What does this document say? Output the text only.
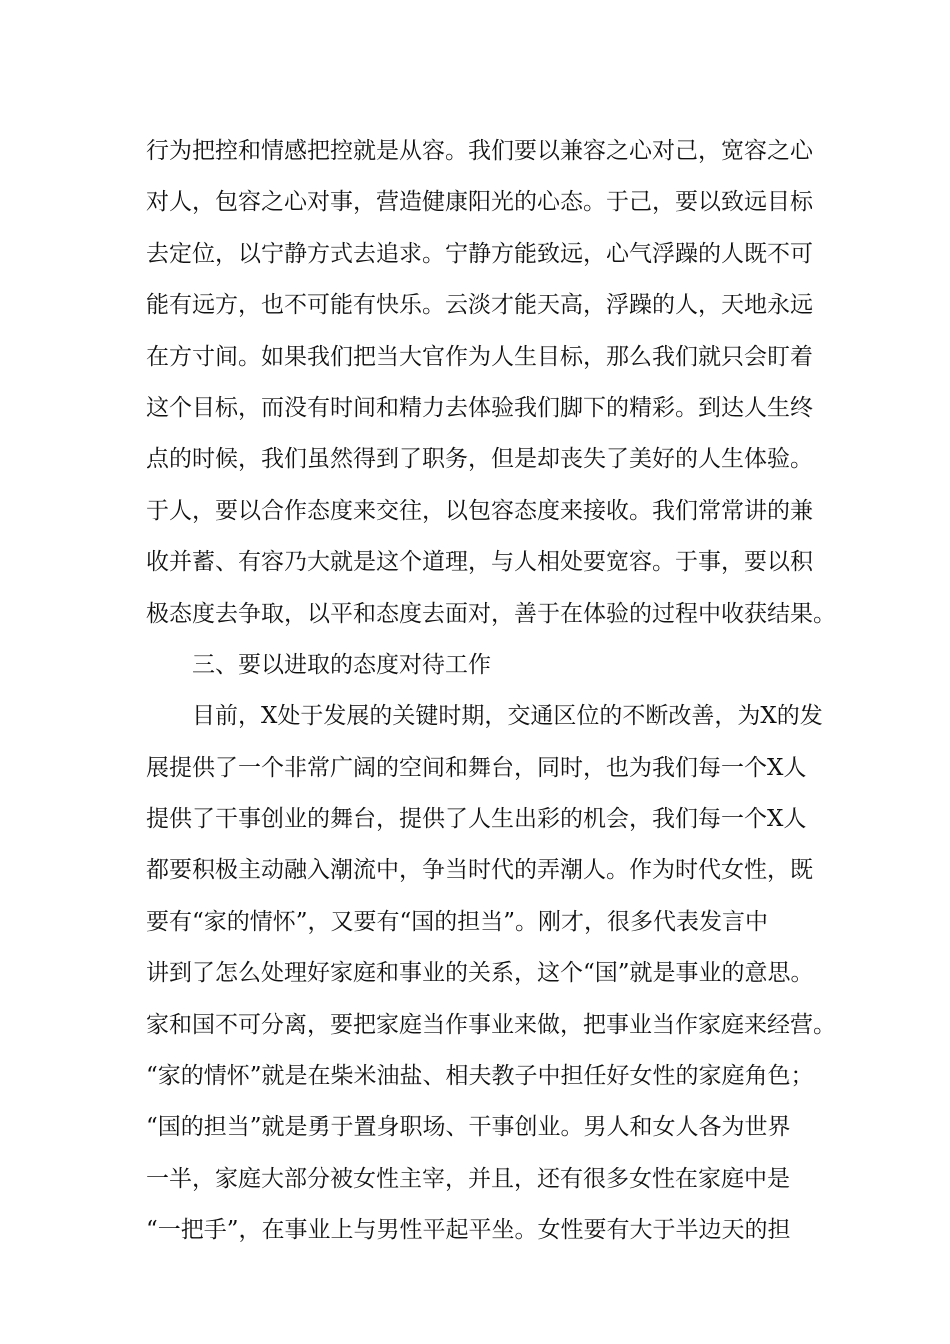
行为把控和情感把控就是从容。我们要以兼容之心对己，宽容之心
对人，包容之心对事，营造健康阳光的心态。于己，要以致远目标
去定位，以宁静方式去追求。宁静方能致远，心气浮躁的人既不可
能有远方，也不可能有快乐。云淡才能天高，浮躁的人，天地永远
在方寸间。如果我们把当大官作为人生目标，那么我们就只会盯着
这个目标，而没有时间和精力去体验我们脚下的精彩。到达人生终
点的时候，我们虽然得到了职务，但是却丧失了美好的人生体验。
于人，要以合作态度来交往，以包容态度来接收。我们常常讲的兼
收并蓄、有容乃大就是这个道理，与人相处要宽容。于事，要以积
极态度去争取，以平和态度去面对，善于在体验的过程中收获结果。
三、要以进取的态度对待工作
目前，X处于发展的关键时期，交通区位的不断改善，为X的发
展提供了一个非常广阔的空间和舞台，同时，也为我们每一个X人
提供了干事创业的舞台，提供了人生出彩的机会，我们每一个X人
都要积极主动融入潮流中，争当时代的弄潮人。作为时代女性，既
要有“家的情怀”，又要有“国的担当”。刚才，很多代表发言中
讲到了怎么处理好家庭和事业的关系，这个“国”就是事业的意思。
家和国不可分离，要把家庭当作事业来做，把事业当作家庭来经营。
“家的情怀”就是在柴米油盐、相夫教子中担任好女性的家庭角色；
“国的担当”就是勇于置身职场、干事创业。男人和女人各为世界
一半，家庭大部分被女性主宰，并且，还有很多女性在家庭中是
“一把手”，在事业上与男性平起平坐。女性要有大于半边天的担
